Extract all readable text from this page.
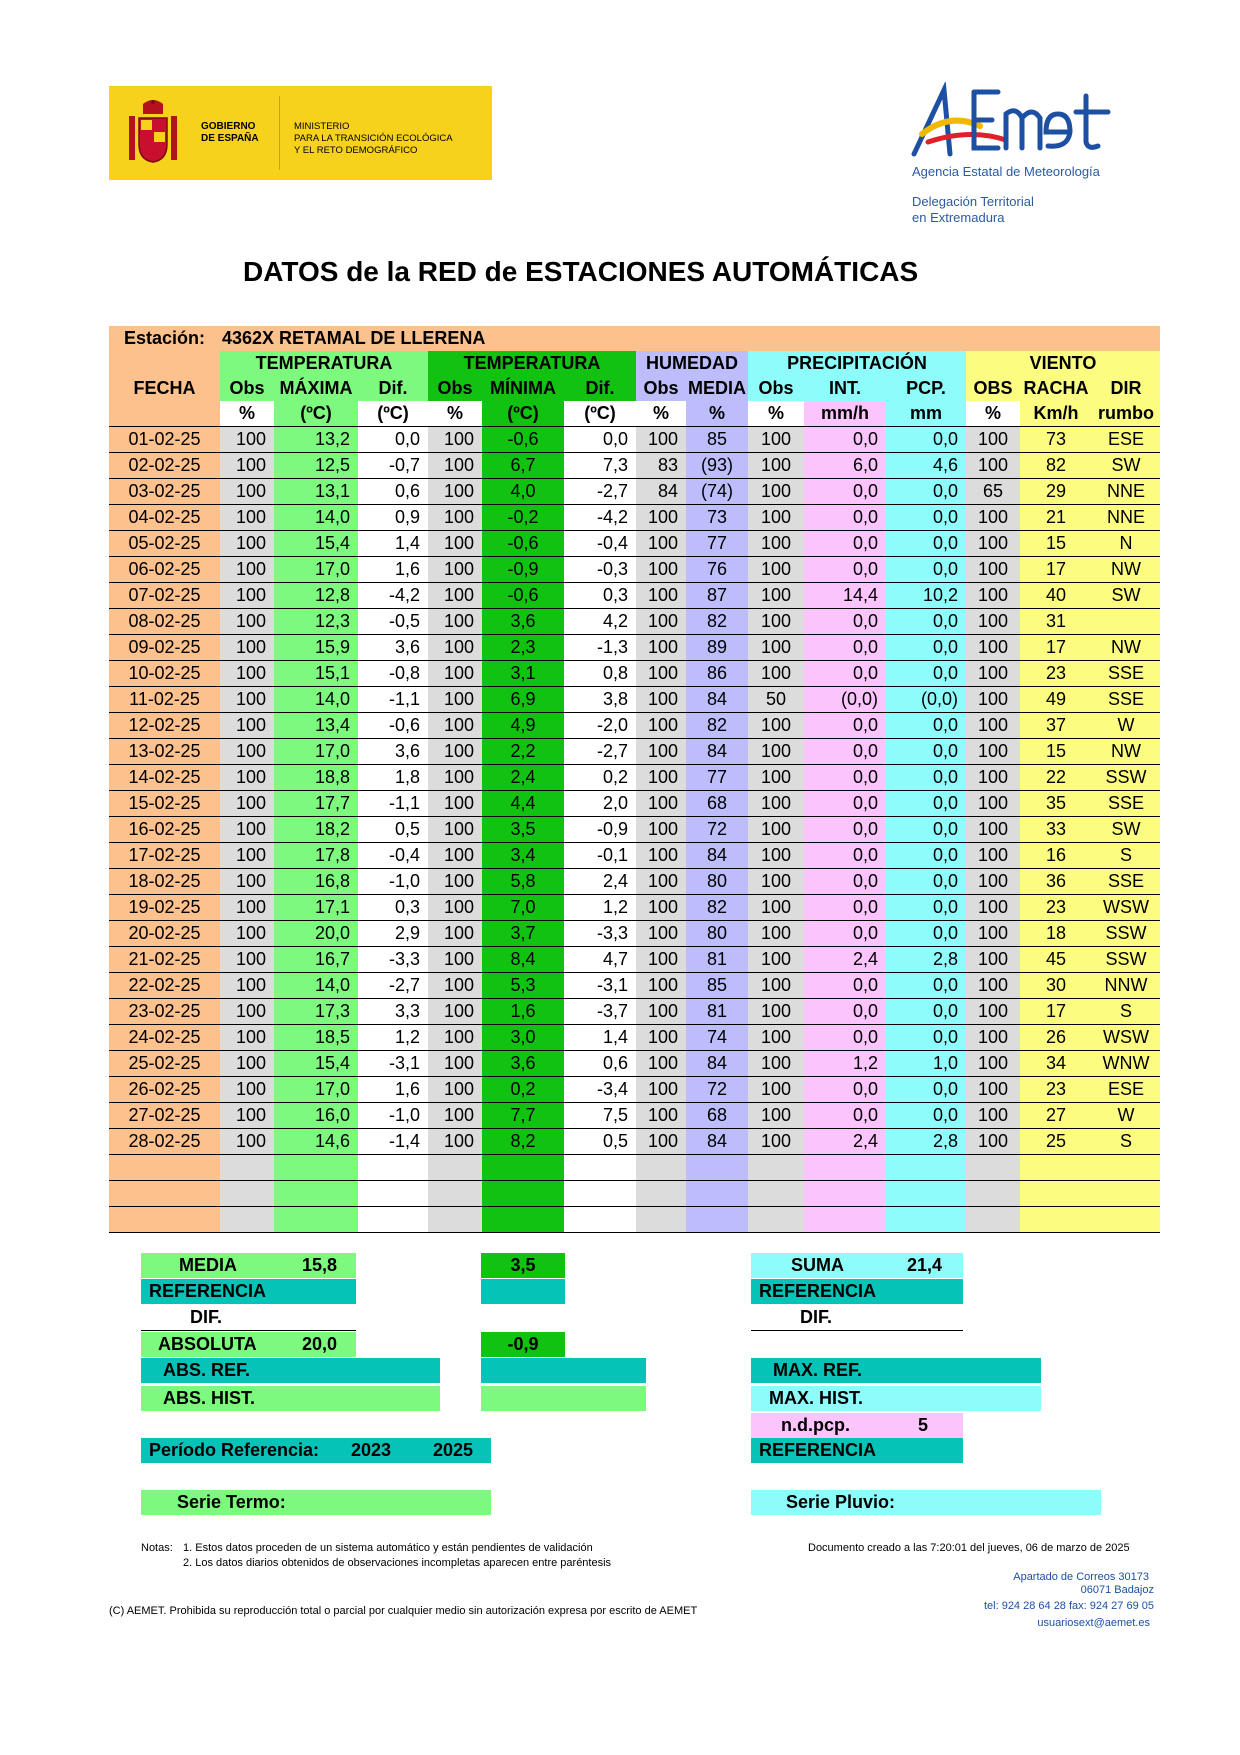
GOBIERNO
DE ESPAÑA
MINISTERIO
PARA LA TRANSICIÓN ECOLÓGICA
Y EL RETO DEMOGRÁFICO
Agencia Estatal de Meteorología
Delegación Territorial
en Extremadura
DATOS de la RED de ESTACIONES AUTOMÁTICAS
Estación:	4362X RETAMAL DE LLERENA													
	TEMPERATURA			TEMPERATURA			HUMEDAD		PRECIPITACIÓN			VIENTO		
FECHA	Obs	MÁXIMA	Dif.	Obs	MÍNIMA	Dif.	Obs	MEDIA	Obs	INT.	PCP.	OBS	RACHA	DIR
	%	(ºC)	(ºC)	%	(ºC)	(ºC)	%	%	%	mm/h	mm	%	Km/h	rumbo
01-02-25	100	13,2	0,0	100	-0,6	0,0	100	85	100	0,0	0,0	100	73	ESE
02-02-25	100	12,5	-0,7	100	6,7	7,3	83	(93)	100	6,0	4,6	100	82	SW
03-02-25	100	13,1	0,6	100	4,0	-2,7	84	(74)	100	0,0	0,0	65	29	NNE
04-02-25	100	14,0	0,9	100	-0,2	-4,2	100	73	100	0,0	0,0	100	21	NNE
05-02-25	100	15,4	1,4	100	-0,6	-0,4	100	77	100	0,0	0,0	100	15	N
06-02-25	100	17,0	1,6	100	-0,9	-0,3	100	76	100	0,0	0,0	100	17	NW
07-02-25	100	12,8	-4,2	100	-0,6	0,3	100	87	100	14,4	10,2	100	40	SW
08-02-25	100	12,3	-0,5	100	3,6	4,2	100	82	100	0,0	0,0	100	31	
09-02-25	100	15,9	3,6	100	2,3	-1,3	100	89	100	0,0	0,0	100	17	NW
10-02-25	100	15,1	-0,8	100	3,1	0,8	100	86	100	0,0	0,0	100	23	SSE
11-02-25	100	14,0	-1,1	100	6,9	3,8	100	84	50	(0,0)	(0,0)	100	49	SSE
12-02-25	100	13,4	-0,6	100	4,9	-2,0	100	82	100	0,0	0,0	100	37	W
13-02-25	100	17,0	3,6	100	2,2	-2,7	100	84	100	0,0	0,0	100	15	NW
14-02-25	100	18,8	1,8	100	2,4	0,2	100	77	100	0,0	0,0	100	22	SSW
15-02-25	100	17,7	-1,1	100	4,4	2,0	100	68	100	0,0	0,0	100	35	SSE
16-02-25	100	18,2	0,5	100	3,5	-0,9	100	72	100	0,0	0,0	100	33	SW
17-02-25	100	17,8	-0,4	100	3,4	-0,1	100	84	100	0,0	0,0	100	16	S
18-02-25	100	16,8	-1,0	100	5,8	2,4	100	80	100	0,0	0,0	100	36	SSE
19-02-25	100	17,1	0,3	100	7,0	1,2	100	82	100	0,0	0,0	100	23	WSW
20-02-25	100	20,0	2,9	100	3,7	-3,3	100	80	100	0,0	0,0	100	18	SSW
21-02-25	100	16,7	-3,3	100	8,4	4,7	100	81	100	2,4	2,8	100	45	SSW
22-02-25	100	14,0	-2,7	100	5,3	-3,1	100	85	100	0,0	0,0	100	30	NNW
23-02-25	100	17,3	3,3	100	1,6	-3,7	100	81	100	0,0	0,0	100	17	S
24-02-25	100	18,5	1,2	100	3,0	1,4	100	74	100	0,0	0,0	100	26	WSW
25-02-25	100	15,4	-3,1	100	3,6	0,6	100	84	100	1,2	1,0	100	34	WNW
26-02-25	100	17,0	1,6	100	0,2	-3,4	100	72	100	0,0	0,0	100	23	ESE
27-02-25	100	16,0	-1,0	100	7,7	7,5	100	68	100	0,0	0,0	100	27	W
28-02-25	100	14,6	-1,4	100	8,2	0,5	100	84	100	2,4	2,8	100	25	S

MEDIA	15,8	3,5
REFERENCIA
DIF.
ABSOLUTA	20,0	-0,9
ABS. REF.
ABS. HIST.
Período Referencia: 2023 2025
Serie Termo:
SUMA	21,4
REFERENCIA
DIF.
MAX. REF.
MAX. HIST.
n.d.pcp.	5
REFERENCIA
Serie Pluvio:
Notas: 1. Estos datos proceden de un sistema automático y están pendientes de validación
2. Los datos diarios obtenidos de observaciones incompletas aparecen entre paréntesis
Documento creado a las 7:20:01 del jueves, 06 de marzo de 2025
(C) AEMET. Prohibida su reproducción total o parcial por cualquier medio sin autorización expresa por escrito de AEMET
Apartado de Correos 30173
06071 Badajoz
tel: 924 28 64 28 fax: 924 27 69 05
usuariosext@aemet.es
